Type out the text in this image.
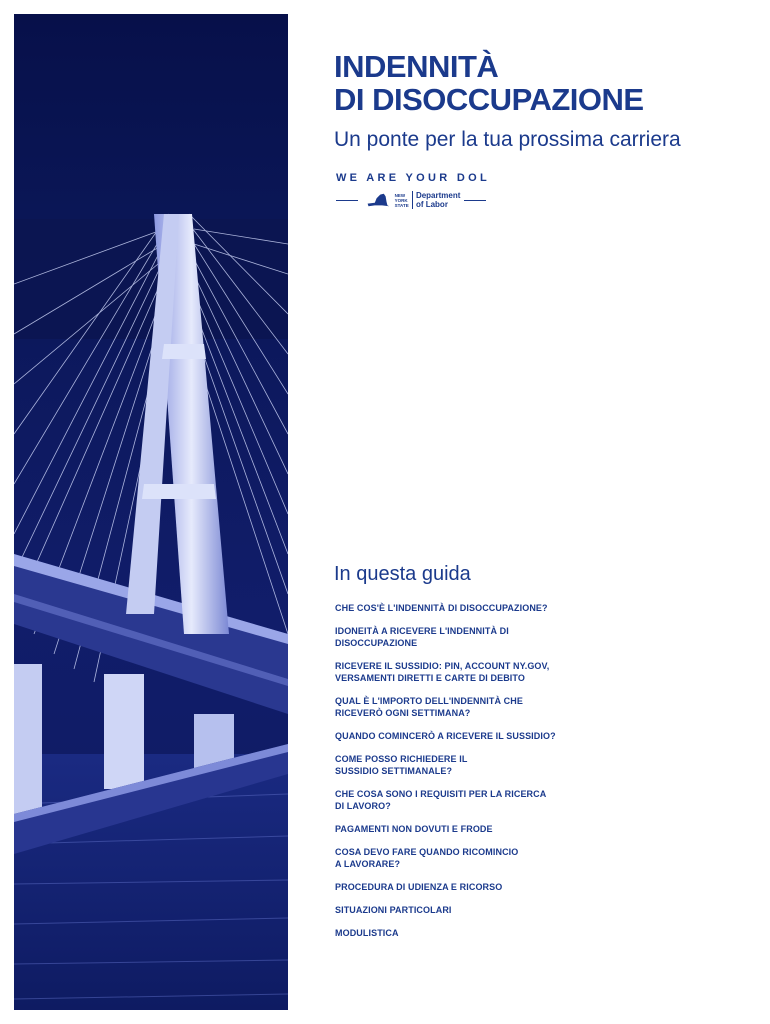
INDENNITÀ
DI DISOCCUPAZIONE

Un ponte per la tua prossima carriera

WE ARE YOUR DOL
NEW YORK STATE
Department
of Labor
In questa guida
CHE COS'È L'INDENNITÀ DI DISOCCUPAZIONE?
IDONEITÀ A RICEVERE L'INDENNITÀ DI
DISOCCUPAZIONE
RICEVERE IL SUSSIDIO: PIN, ACCOUNT NY.GOV,
VERSAMENTI DIRETTI E CARTE DI DEBITO
QUAL È L'IMPORTO DELL'INDENNITÀ CHE
RICEVERÒ OGNI SETTIMANA?
QUANDO COMINCERÒ A RICEVERE IL SUSSIDIO?
COME POSSO RICHIEDERE IL
SUSSIDIO SETTIMANALE?
CHE COSA SONO I REQUISITI PER LA RICERCA
DI LAVORO?
PAGAMENTI NON DOVUTI E FRODE
COSA DEVO FARE QUANDO RICOMINCIO
A LAVORARE?
PROCEDURA DI UDIENZA E RICORSO
SITUAZIONI PARTICOLARI
MODULISTICA
